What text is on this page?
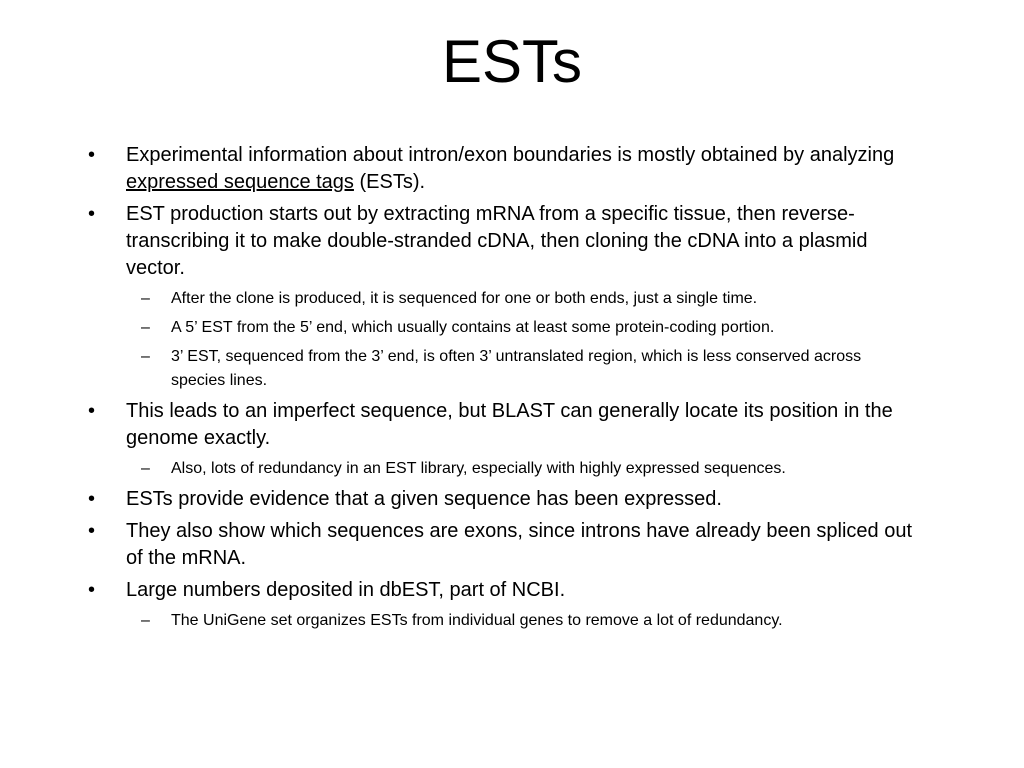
ESTs
• Experimental information about intron/exon boundaries is mostly obtained by analyzing expressed sequence tags (ESTs).
• EST production starts out by extracting mRNA from a specific tissue, then reverse-transcribing it to make double-stranded cDNA, then cloning the cDNA into a plasmid vector.
– After the clone is produced, it is sequenced for one or both ends, just a single time.
– A 5’ EST from the 5’ end, which usually contains at least some protein-coding portion.
– 3’ EST, sequenced from the 3’ end, is often 3’ untranslated region, which is less conserved across species lines.
• This leads to an imperfect sequence, but BLAST can generally locate its position in the genome exactly.
– Also, lots of redundancy in an EST library, especially with highly expressed sequences.
• ESTs provide evidence that a given sequence has been expressed.
• They also show which sequences are exons, since introns have already been spliced out of the mRNA.
• Large numbers deposited in dbEST, part of NCBI.
– The UniGene set organizes ESTs from individual genes to remove a lot of redundancy.
